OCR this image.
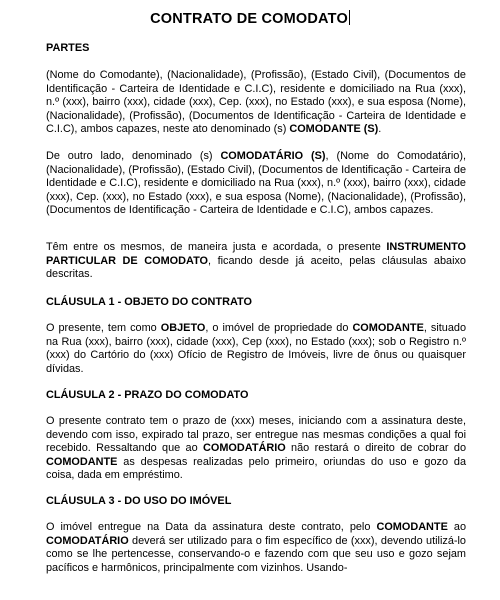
CONTRATO DE COMODATO
PARTES
(Nome do Comodante), (Nacionalidade), (Profissão), (Estado Civil), (Documentos de Identificação - Carteira de Identidade e C.I.C), residente e domiciliado na Rua (xxx), n.º (xxx), bairro (xxx), cidade (xxx), Cep. (xxx), no Estado (xxx), e sua esposa (Nome), (Nacionalidade), (Profissão), (Documentos de Identificação - Carteira de Identidade e C.I.C), ambos capazes, neste ato denominado (s) COMODANTE (S).
De outro lado, denominado (s) COMODATÁRIO (S), (Nome do Comodatário), (Nacionalidade), (Profissão), (Estado Civil), (Documentos de Identificação - Carteira de Identidade e C.I.C), residente e domiciliado na Rua (xxx), n.º (xxx), bairro (xxx), cidade (xxx), Cep. (xxx), no Estado (xxx), e sua esposa (Nome), (Nacionalidade), (Profissão), (Documentos de Identificação - Carteira de Identidade e C.I.C), ambos capazes.
Têm entre os mesmos, de maneira justa e acordada, o presente INSTRUMENTO PARTICULAR DE COMODATO, ficando desde já aceito, pelas cláusulas abaixo descritas.
CLÁUSULA 1 - OBJETO DO CONTRATO
O presente, tem como OBJETO, o imóvel de propriedade do COMODANTE, situado na Rua (xxx), bairro (xxx), cidade (xxx), Cep (xxx), no Estado (xxx); sob o Registro n.º (xxx) do Cartório do (xxx) Ofício de Registro de Imóveis, livre de ônus ou quaisquer dívidas.
CLÁUSULA 2 - PRAZO DO COMODATO
O presente contrato tem o prazo de (xxx) meses, iniciando com a assinatura deste, devendo com isso, expirado tal prazo, ser entregue nas mesmas condições a qual foi recebido. Ressaltando que ao COMODATÁRIO não restará o direito de cobrar do COMODANTE as despesas realizadas pelo primeiro, oriundas do uso e gozo da coisa, dada em empréstimo.
CLÁUSULA 3 - DO USO DO IMÓVEL
O imóvel entregue na Data da assinatura deste contrato, pelo COMODANTE ao COMODATÁRIO deverá ser utilizado para o fim específico de (xxx), devendo utilizá-lo como se lhe pertencesse, conservando-o e fazendo com que seu uso e gozo sejam pacíficos e harmônicos, principalmente com vizinhos. Usando-
